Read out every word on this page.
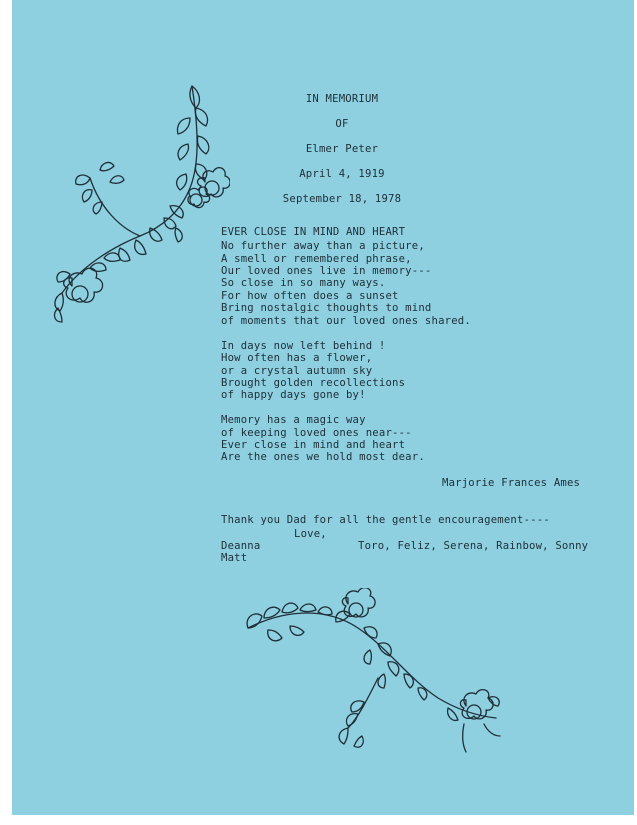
IN MEMORIUM

OF

Elmer Peter

April 4, 1919

September 18, 1978

EVER CLOSE IN MIND AND HEART

No further away than a picture,

A smell or remembered phrase,

Our loved ones live in memory---

So close in so many ways.

For how often does a sunset

Bring nostalgic thoughts to mind

of moments that our loved ones shared.

In days now left behind !

How often has a flower,

or a crystal autumn sky

Brought golden recollections

of happy days gone by!

Memory has a magic way

of keeping loved ones near---

Ever close in mind and heart

Are the ones we hold most dear.

Marjorie Frances Ames

Thank you Dad for all the gentle encouragement----

Love,

Deanna

Matt

Toro, Feliz, Serena, Rainbow, Sonny
